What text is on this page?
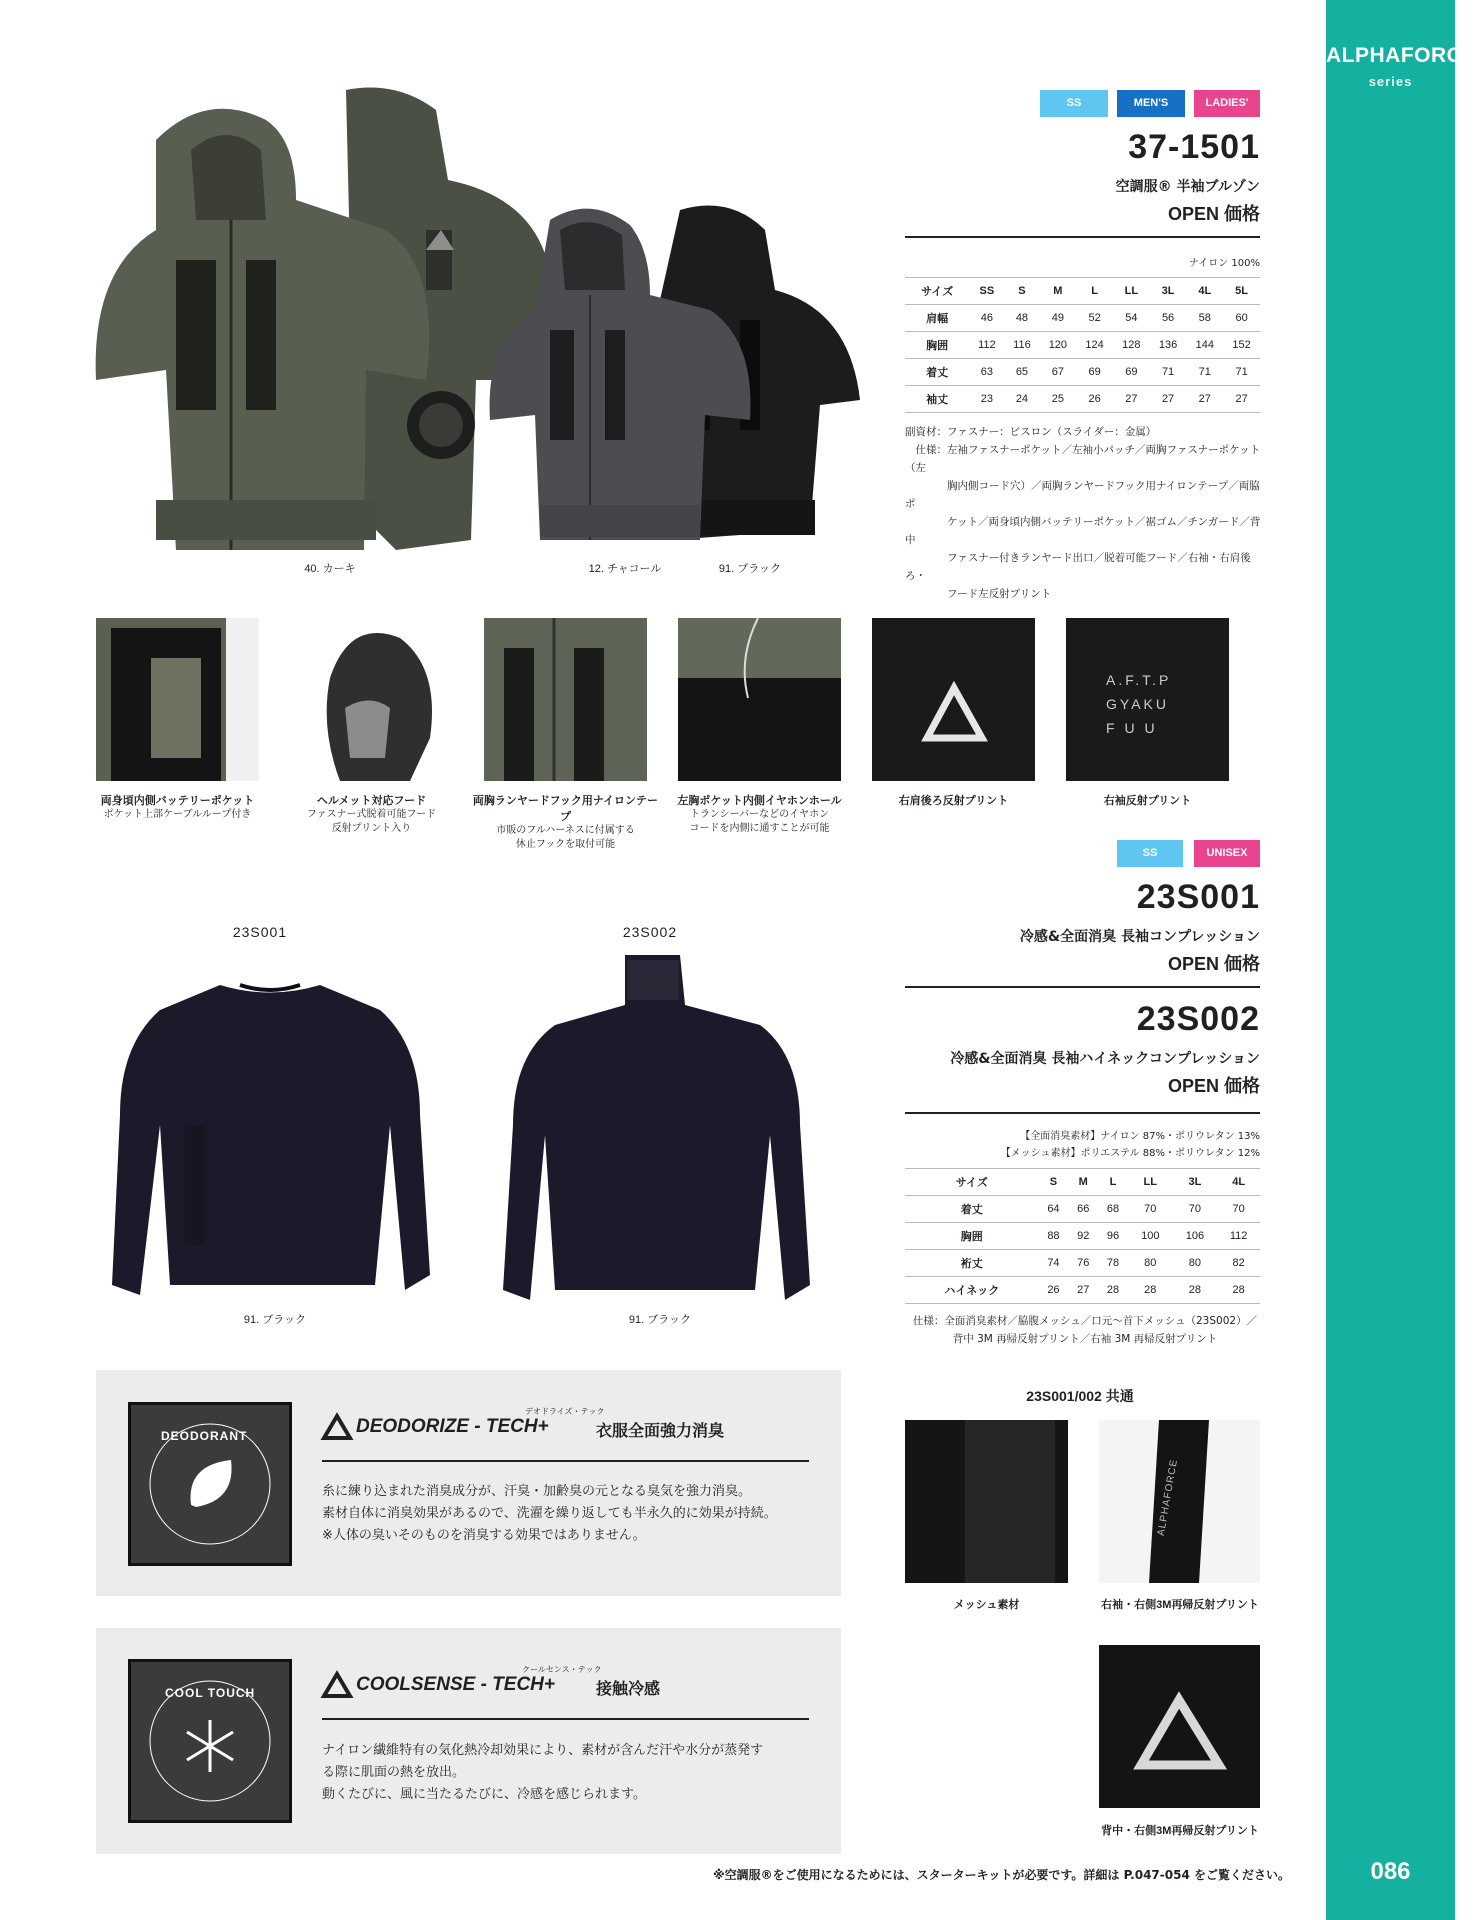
ALPHAFORCE
series
086
40. カーキ	12. チャコール	91. ブラック
SS	MEN'S	LADIES'
37-1501
空調服® 半袖ブルゾン
OPEN 価格
ナイロン 100%
サイズ	SS	S	M	L	LL	3L	4L	5L
肩幅	46	48	49	52	54	56	58	60
胸囲	112	116	120	124	128	136	144	152
着丈	63	65	67	69	69	71	71	71
袖丈	23	24	25	26	27	27	27	27
副資材：ファスナー：ビスロン（スライダー：金属）
　仕様：左袖ファスナーポケット／左袖小パッチ／両胸ファスナーポケット（左
　　　　胸内側コード穴）／両胸ランヤードフック用ナイロンテープ／両脇ポ
　　　　ケット／両身頃内側バッテリーポケット／裾ゴム／チンガード／背中
　　　　ファスナー付きランヤード出口／脱着可能フード／右袖・右肩後ろ・
　　　　フード左反射プリント
A.F.T.P
GYAKU
F U U
両身頃内側バッテリーポケット
ポケット上部ケーブルループ付き
ヘルメット対応フード
ファスナー式脱着可能フード
反射プリント入り
両胸ランヤードフック用ナイロンテープ
市販のフルハーネスに付属する
休止フックを取付可能
左胸ポケット内側イヤホンホール
トランシーバーなどのイヤホン
コードを内側に通すことが可能
右肩後ろ反射プリント	右袖反射プリント
SS	UNISEX
23S001
冷感&全面消臭 長袖コンプレッション
OPEN 価格
23S002
冷感&全面消臭 長袖ハイネックコンプレッション
OPEN 価格
【全面消臭素材】ナイロン 87%・ポリウレタン 13%
【メッシュ素材】ポリエステル 88%・ポリウレタン 12%
サイズ	S	M	L	LL	3L	4L
着丈	64	66	68	70	70	70
胸囲	88	92	96	100	106	112
裄丈	74	76	78	80	80	82
ハイネック	26	27	28	28	28	28
仕様：全面消臭素材／脇腹メッシュ／口元～首下メッシュ（23S002）／
背中 3M 再帰反射プリント／右袖 3M 再帰反射プリント
23S001	23S002
91. ブラック	91. ブラック
23S001/002 共通
ALPHAFORCE
メッシュ素材	右袖・右側3M再帰反射プリント
背中・右側3M再帰反射プリント
DEODORANT
デオドライズ・テック
DEODORIZE - TECH+	衣服全面強力消臭
糸に練り込まれた消臭成分が、汗臭・加齢臭の元となる臭気を強力消臭。
素材自体に消臭効果があるので、洗濯を繰り返しても半永久的に効果が持続。
※人体の臭いそのものを消臭する効果ではありません。
COOL TOUCH
クールセンス・テック
COOLSENSE - TECH+	接触冷感
ナイロン繊維特有の気化熱冷却効果により、素材が含んだ汗や水分が蒸発す
る際に肌面の熱を放出。
動くたびに、風に当たるたびに、冷感を感じられます。
※空調服®をご使用になるためには、スターターキットが必要です。詳細は P.047-054 をご覧ください。
